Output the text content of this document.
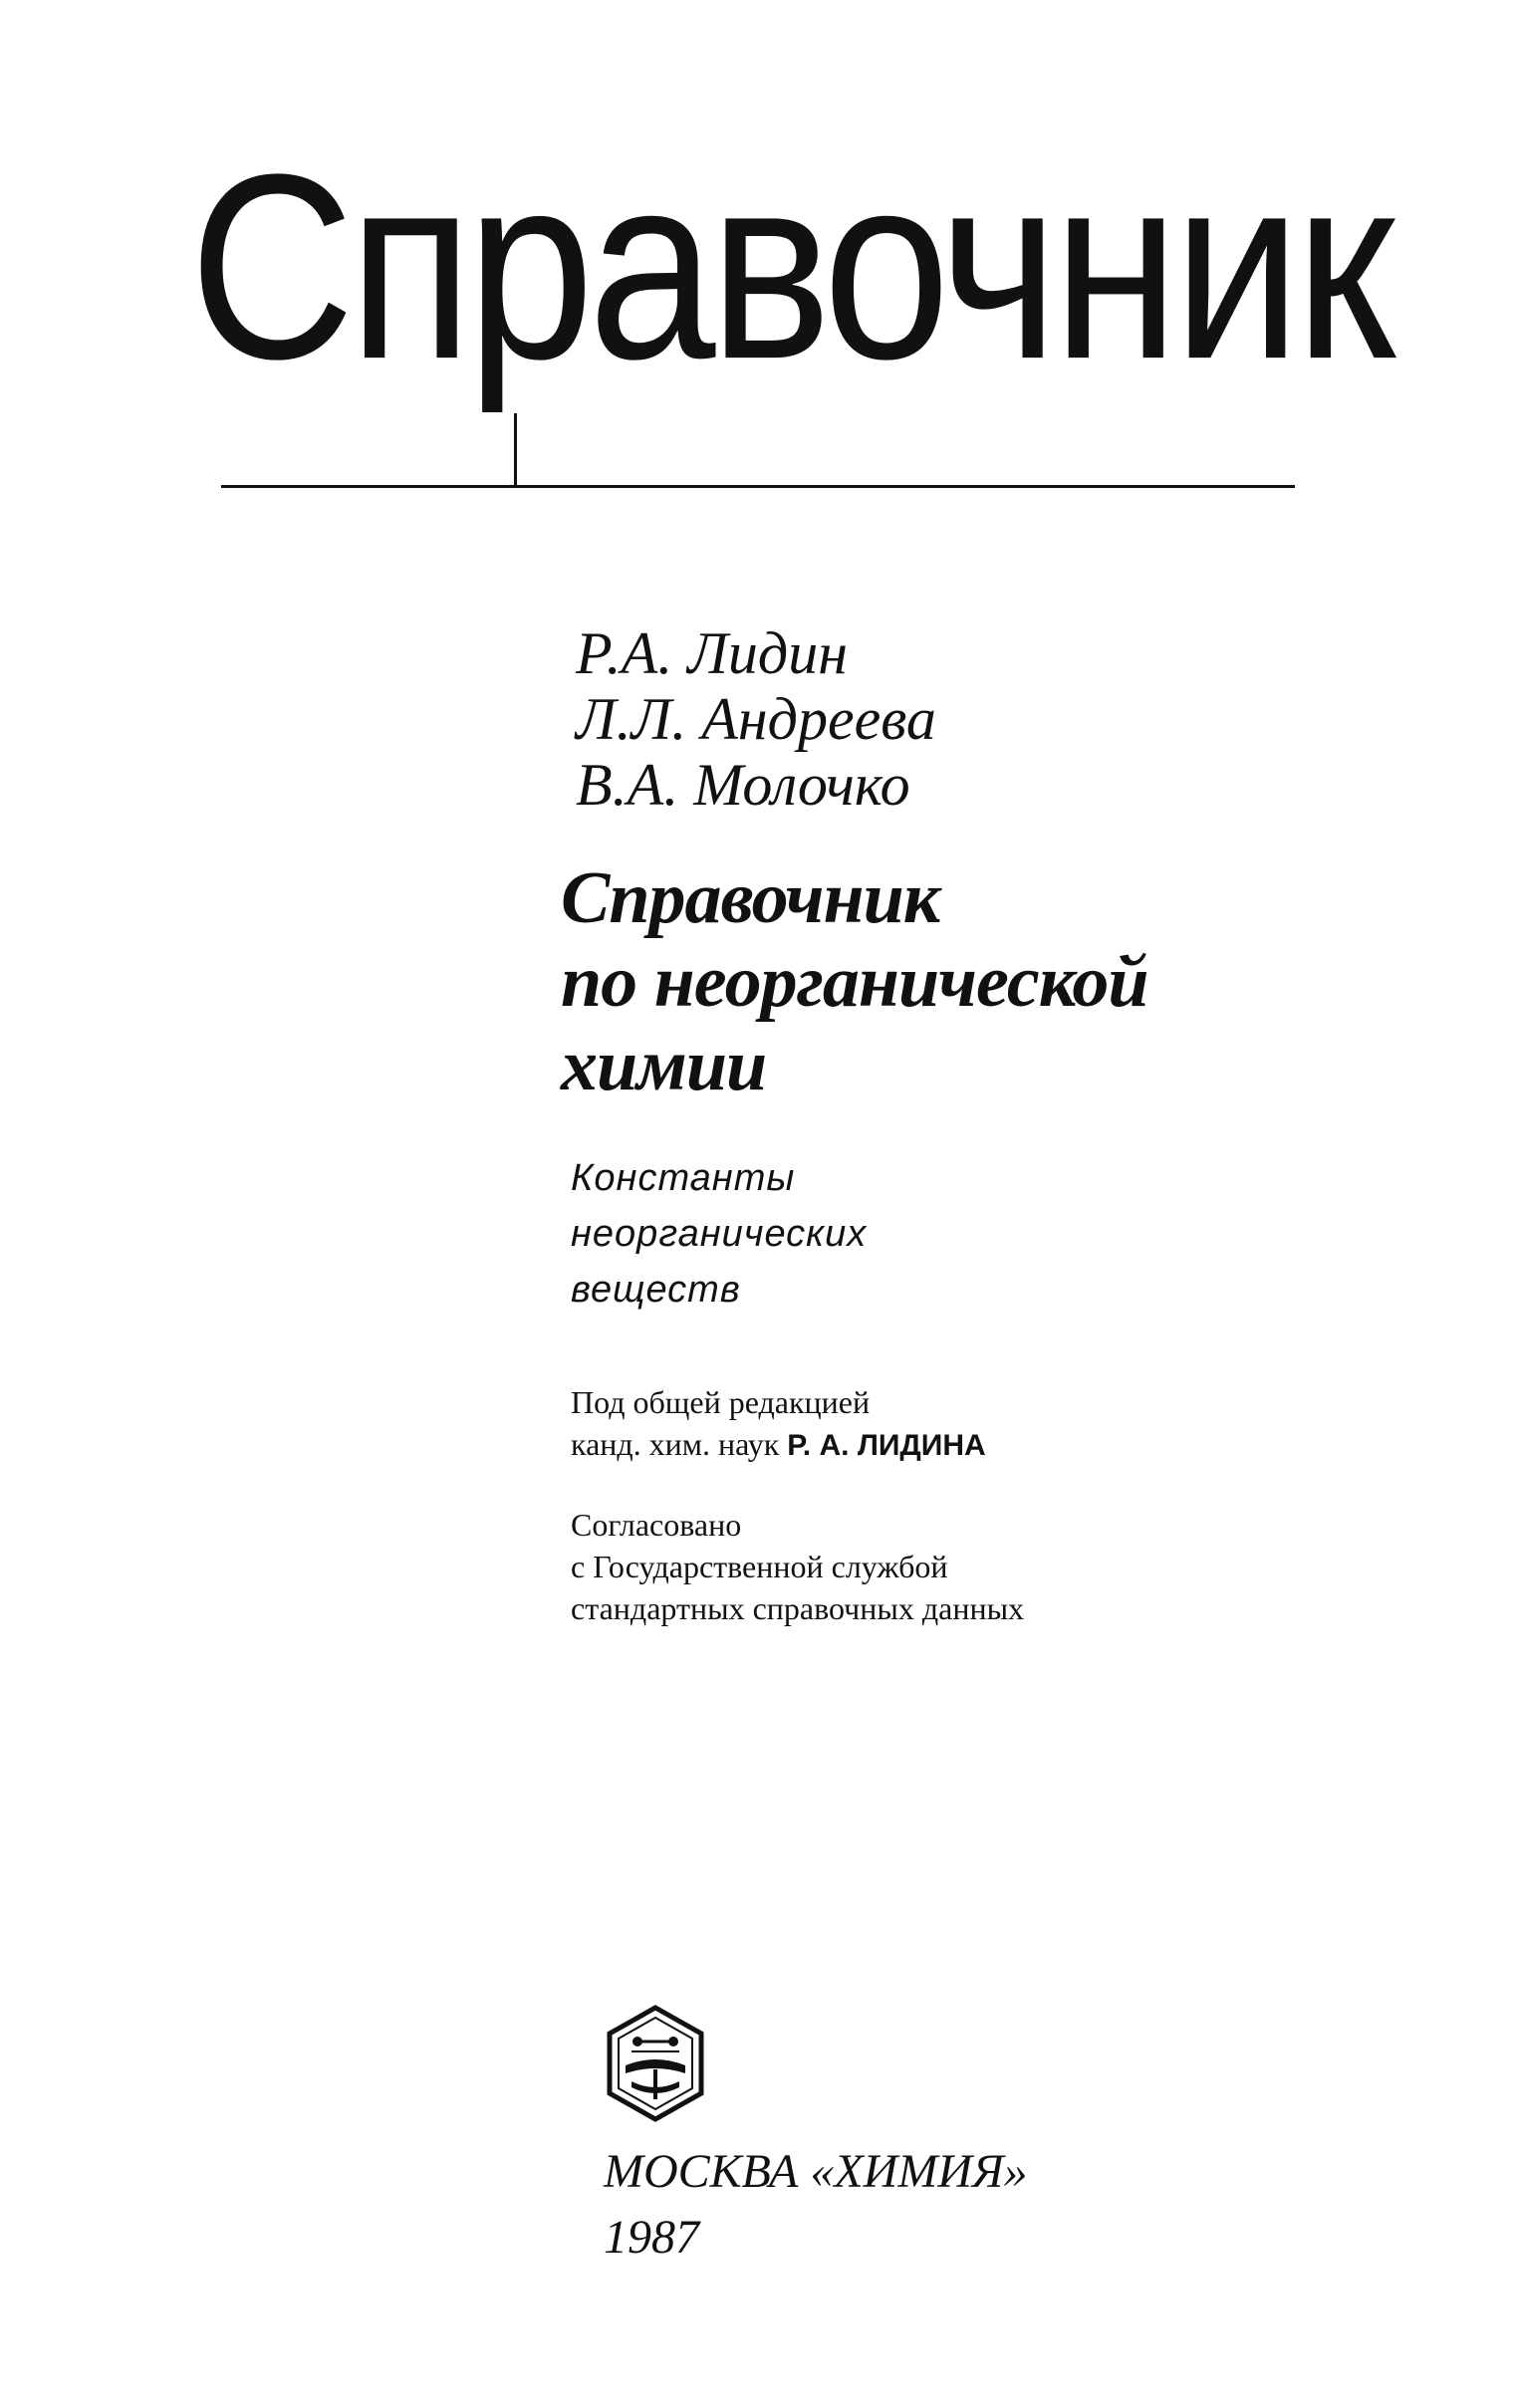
Справочник
Р.А. Лидин
Л.Л. Андреева
В.А. Молочко
Справочник
по неорганической
химии
Константы
неорганических
веществ
Под общей редакцией
канд. хим. наук Р. А. ЛИДИНА
Согласовано
с Государственной службой
стандартных справочных данных
МОСКВА «ХИМИЯ»
1987
